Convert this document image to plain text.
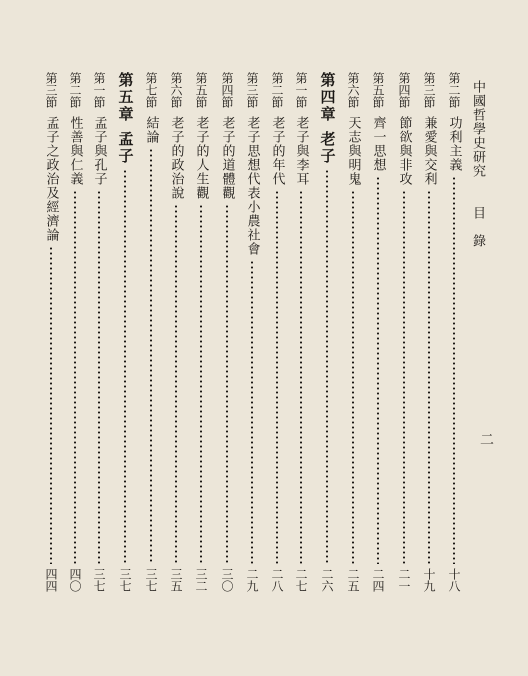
中國哲學史研究
目　錄
二
第二節
功利主義
十八
第三節
兼愛與交利
十九
第四節
節欲與非攻
二一
第五節
齊一思想
二四
第六節
天志與明鬼
二五
第四章
老子
二六
第一節
老子與李耳
二七
第二節
老子的年代
二八
第三節
老子思想代表小農社會
二九
第四節
老子的道體觀
三〇
第五節
老子的人生觀
三二
第六節
老子的政治說
三五
第七節
結論
三七
第五章
孟子
三七
第一節
孟子與孔子
三七
第二節
性善與仁義
四〇
第三節
孟子之政治及經濟論
四四
